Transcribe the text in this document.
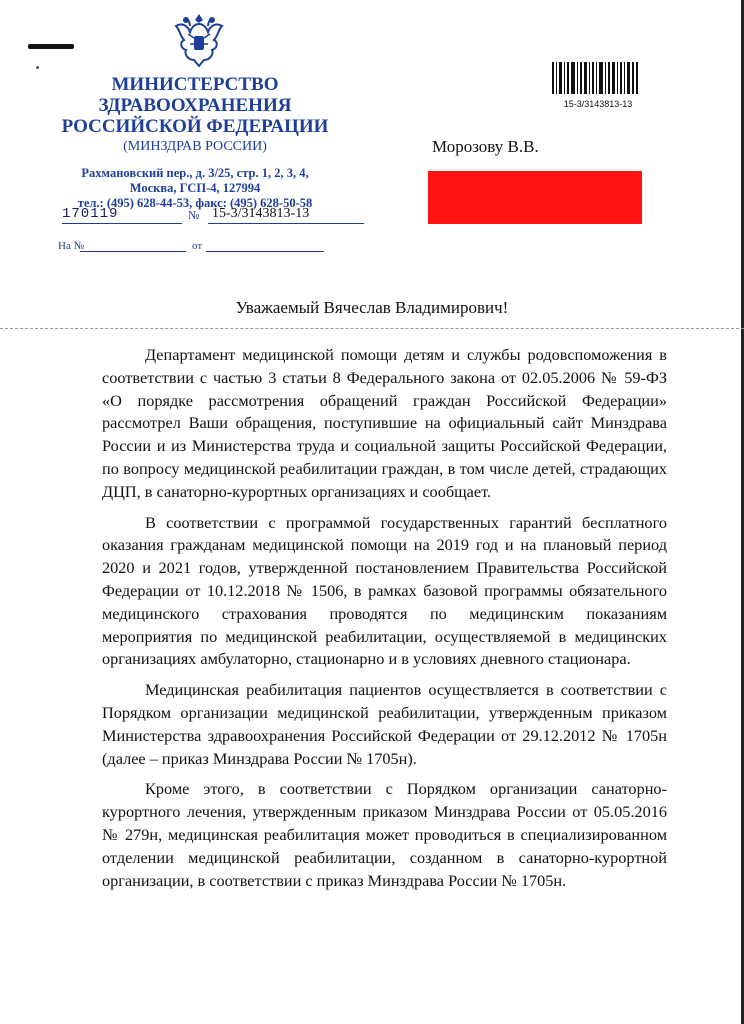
МИНИСТЕРСТВО
ЗДРАВООХРАНЕНИЯ
РОССИЙСКОЙ ФЕДЕРАЦИИ
(МИНЗДРАВ РОССИИ)
Рахмановский пер., д. 3/25, стр. 1, 2, 3, 4,
Москва, ГСП-4, 127994
тел.: (495) 628-44-53, факс: (495) 628-50-58
170119	№ 15-3/3143813-13
На №	от
15-3/3143813-13
Морозову В.В.
Уважаемый Вячеслав Владимирович!

Департамент медицинской помощи детям и службы родовспоможения в соответствии с частью 3 статьи 8 Федерального закона от 02.05.2006 № 59-ФЗ «О порядке рассмотрения обращений граждан Российской Федерации» рассмотрел Ваши обращения, поступившие на официальный сайт Минздрава России и из Министерства труда и социальной защиты Российской Федерации, по вопросу медицинской реабилитации граждан, в том числе детей, страдающих ДЦП, в санаторно-курортных организациях и сообщает.

В соответствии с программой государственных гарантий бесплатного оказания гражданам медицинской помощи на 2019 год и на плановый период 2020 и 2021 годов, утвержденной постановлением Правительства Российской Федерации от 10.12.2018 № 1506, в рамках базовой программы обязательного медицинского страхования проводятся по медицинским показаниям мероприятия по медицинской реабилитации, осуществляемой в медицинских организациях амбулаторно, стационарно и в условиях дневного стационара.

Медицинская реабилитация пациентов осуществляется в соответствии с Порядком организации медицинской реабилитации, утвержденным приказом Министерства здравоохранения Российской Федерации от 29.12.2012 № 1705н (далее – приказ Минздрава России № 1705н).

Кроме этого, в соответствии с Порядком организации санаторно-курортного лечения, утвержденным приказом Минздрава России от 05.05.2016 № 279н, медицинская реабилитация может проводиться в специализированном отделении медицинской реабилитации, созданном в санаторно-курортной организации, в соответствии с приказ Минздрава России № 1705н.
